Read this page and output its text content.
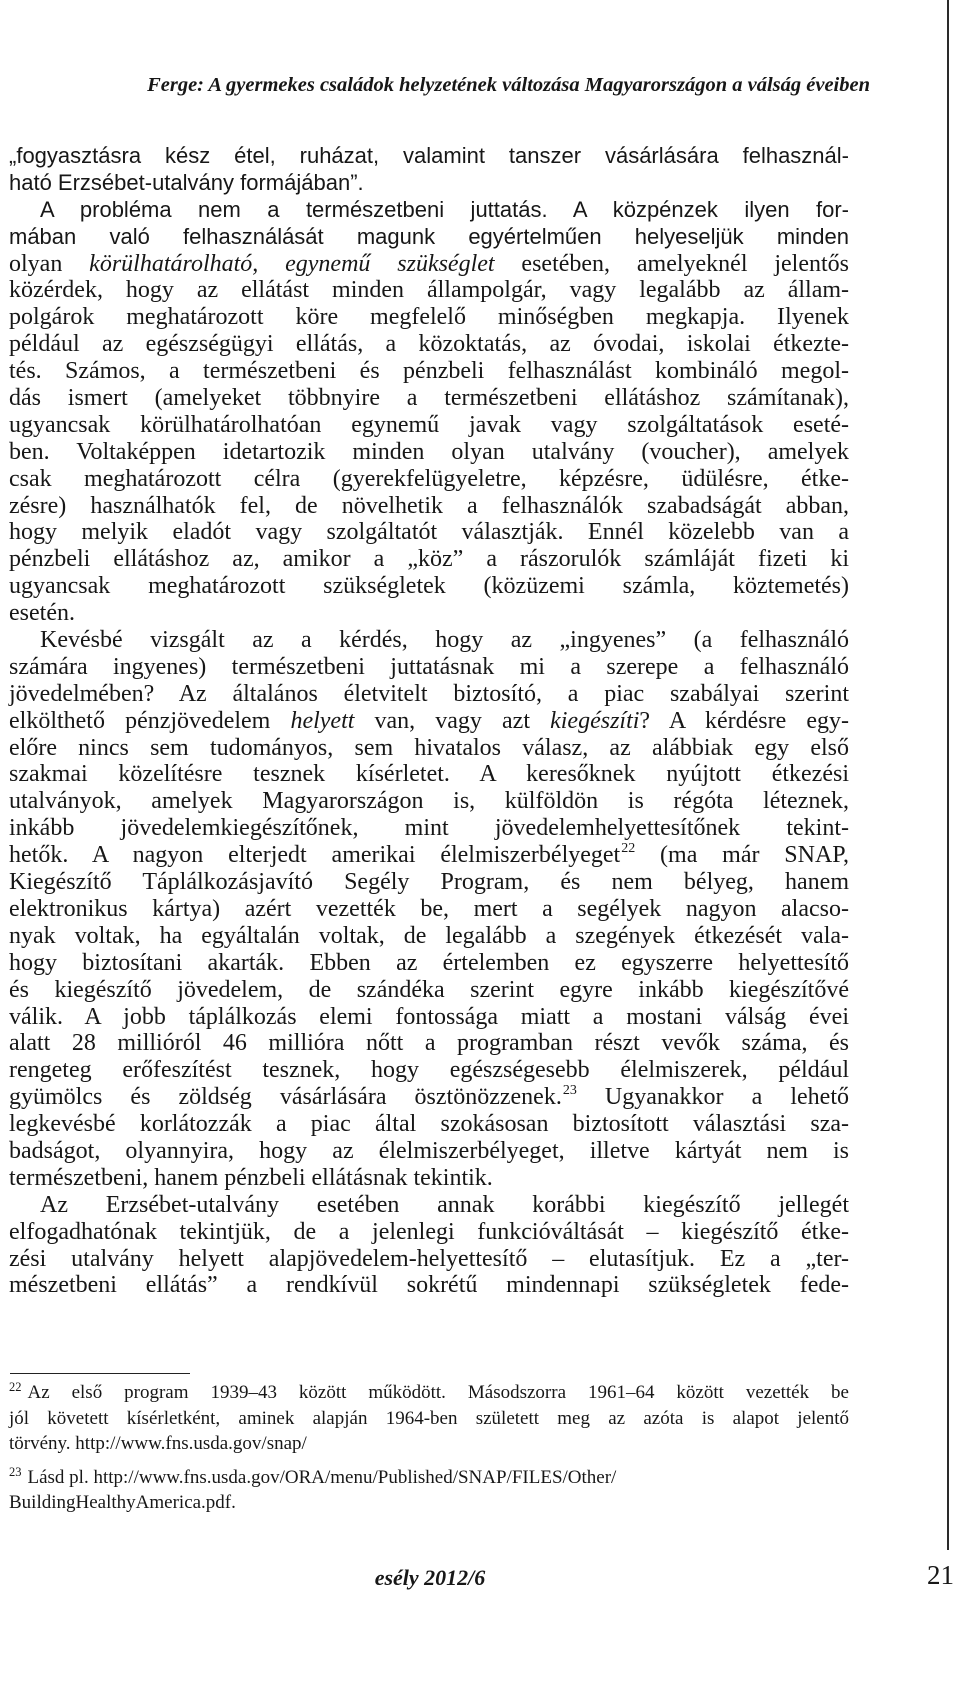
Ferge: A gyermekes családok helyzetének változása Magyarországon a válság éveiben
„fogyasztásra kész étel, ruházat, valamint tanszer vásárlására felhasznál-
ható Erzsébet-utalvány formájában”.
A probléma nem a természetbeni juttatás. A közpénzek ilyen for-
mában való felhasználását magunk egyértelműen helyeseljük minden
olyan körülhatárolható, egynemű szükséglet esetében, amelyeknél jelentős
közérdek, hogy az ellátást minden állampolgár, vagy legalább az állam-
polgárok meghatározott köre megfelelő minőségben megkapja. Ilyenek
például az egészségügyi ellátás, a közoktatás, az óvodai, iskolai étkezte-
tés. Számos, a természetbeni és pénzbeli felhasználást kombináló megol-
dás ismert (amelyeket többnyire a természetbeni ellátáshoz számítanak),
ugyancsak körülhatárolhatóan egynemű javak vagy szolgáltatások eseté-
ben. Voltaképpen idetartozik minden olyan utalvány (voucher), amelyek
csak meghatározott célra (gyerekfelügyeletre, képzésre, üdülésre, étke-
zésre) használhatók fel, de növelhetik a felhasználók szabadságát abban,
hogy melyik eladót vagy szolgáltatót választják. Ennél közelebb van a
pénzbeli ellátáshoz az, amikor a „köz” a rászorulók számláját fizeti ki
ugyancsak meghatározott szükségletek (közüzemi számla, köztemetés)
esetén.
Kevésbé vizsgált az a kérdés, hogy az „ingyenes” (a felhasználó
számára ingyenes) természetbeni juttatásnak mi a szerepe a felhasználó
jövedelmében? Az általános életvitelt biztosító, a piac szabályai szerint
elkölthető pénzjövedelem helyett van, vagy azt kiegészíti? A kérdésre egy-
előre nincs sem tudományos, sem hivatalos válasz, az alábbiak egy első
szakmai közelítésre tesznek kísérletet. A keresőknek nyújtott étkezési
utalványok, amelyek Magyarországon is, külföldön is régóta léteznek,
inkább jövedelemkiegészítőnek, mint jövedelemhelyettesítőnek tekint-
hetők. A nagyon elterjedt amerikai élelmiszerbélyeget$^{22}$ (ma már SNAP,
Kiegészítő Táplálkozásjavító Segély Program, és nem bélyeg, hanem
elektronikus kártya) azért vezették be, mert a segélyek nagyon alacso-
nyak voltak, ha egyáltalán voltak, de legalább a szegények étkezését vala-
hogy biztosítani akarták. Ebben az értelemben ez egyszerre helyettesítő
és kiegészítő jövedelem, de szándéka szerint egyre inkább kiegészítővé
válik. A jobb táplálkozás elemi fontossága miatt a mostani válság évei
alatt 28 millióról 46 millióra nőtt a programban részt vevők száma, és
rengeteg erőfeszítést tesznek, hogy egészségesebb élelmiszerek, például
gyümölcs és zöldség vásárlására ösztönözzenek.$^{23}$ Ugyanakkor a lehető
legkevésbé korlátozzák a piac által szokásosan biztosított választási sza-
badságot, olyannyira, hogy az élelmiszerbélyeget, illetve kártyát nem is
természetbeni, hanem pénzbeli ellátásnak tekintik.
Az Erzsébet-utalvány esetében annak korábbi kiegészítő jellegét
elfogadhatónak tekintjük, de a jelenlegi funkcióváltását – kiegészítő étke-
zési utalvány helyett alapjövedelem-helyettesítő – elutasítjuk. Ez a „ter-
mészetbeni ellátás” a rendkívül sokrétű mindennapi szükségletek fede-
$^{22}$ Az első program 1939–43 között működött. Másodszorra 1961–64 között vezették be
jól követett kísérletként, aminek alapján 1964-ben született meg az azóta is alapot jelentő
törvény. http://www.fns.usda.gov/snap/
$^{23}$ Lásd pl. http://www.fns.usda.gov/ORA/menu/Published/SNAP/FILES/Other/
BuildingHealthyAmerica.pdf.
esély 2012/6	21
